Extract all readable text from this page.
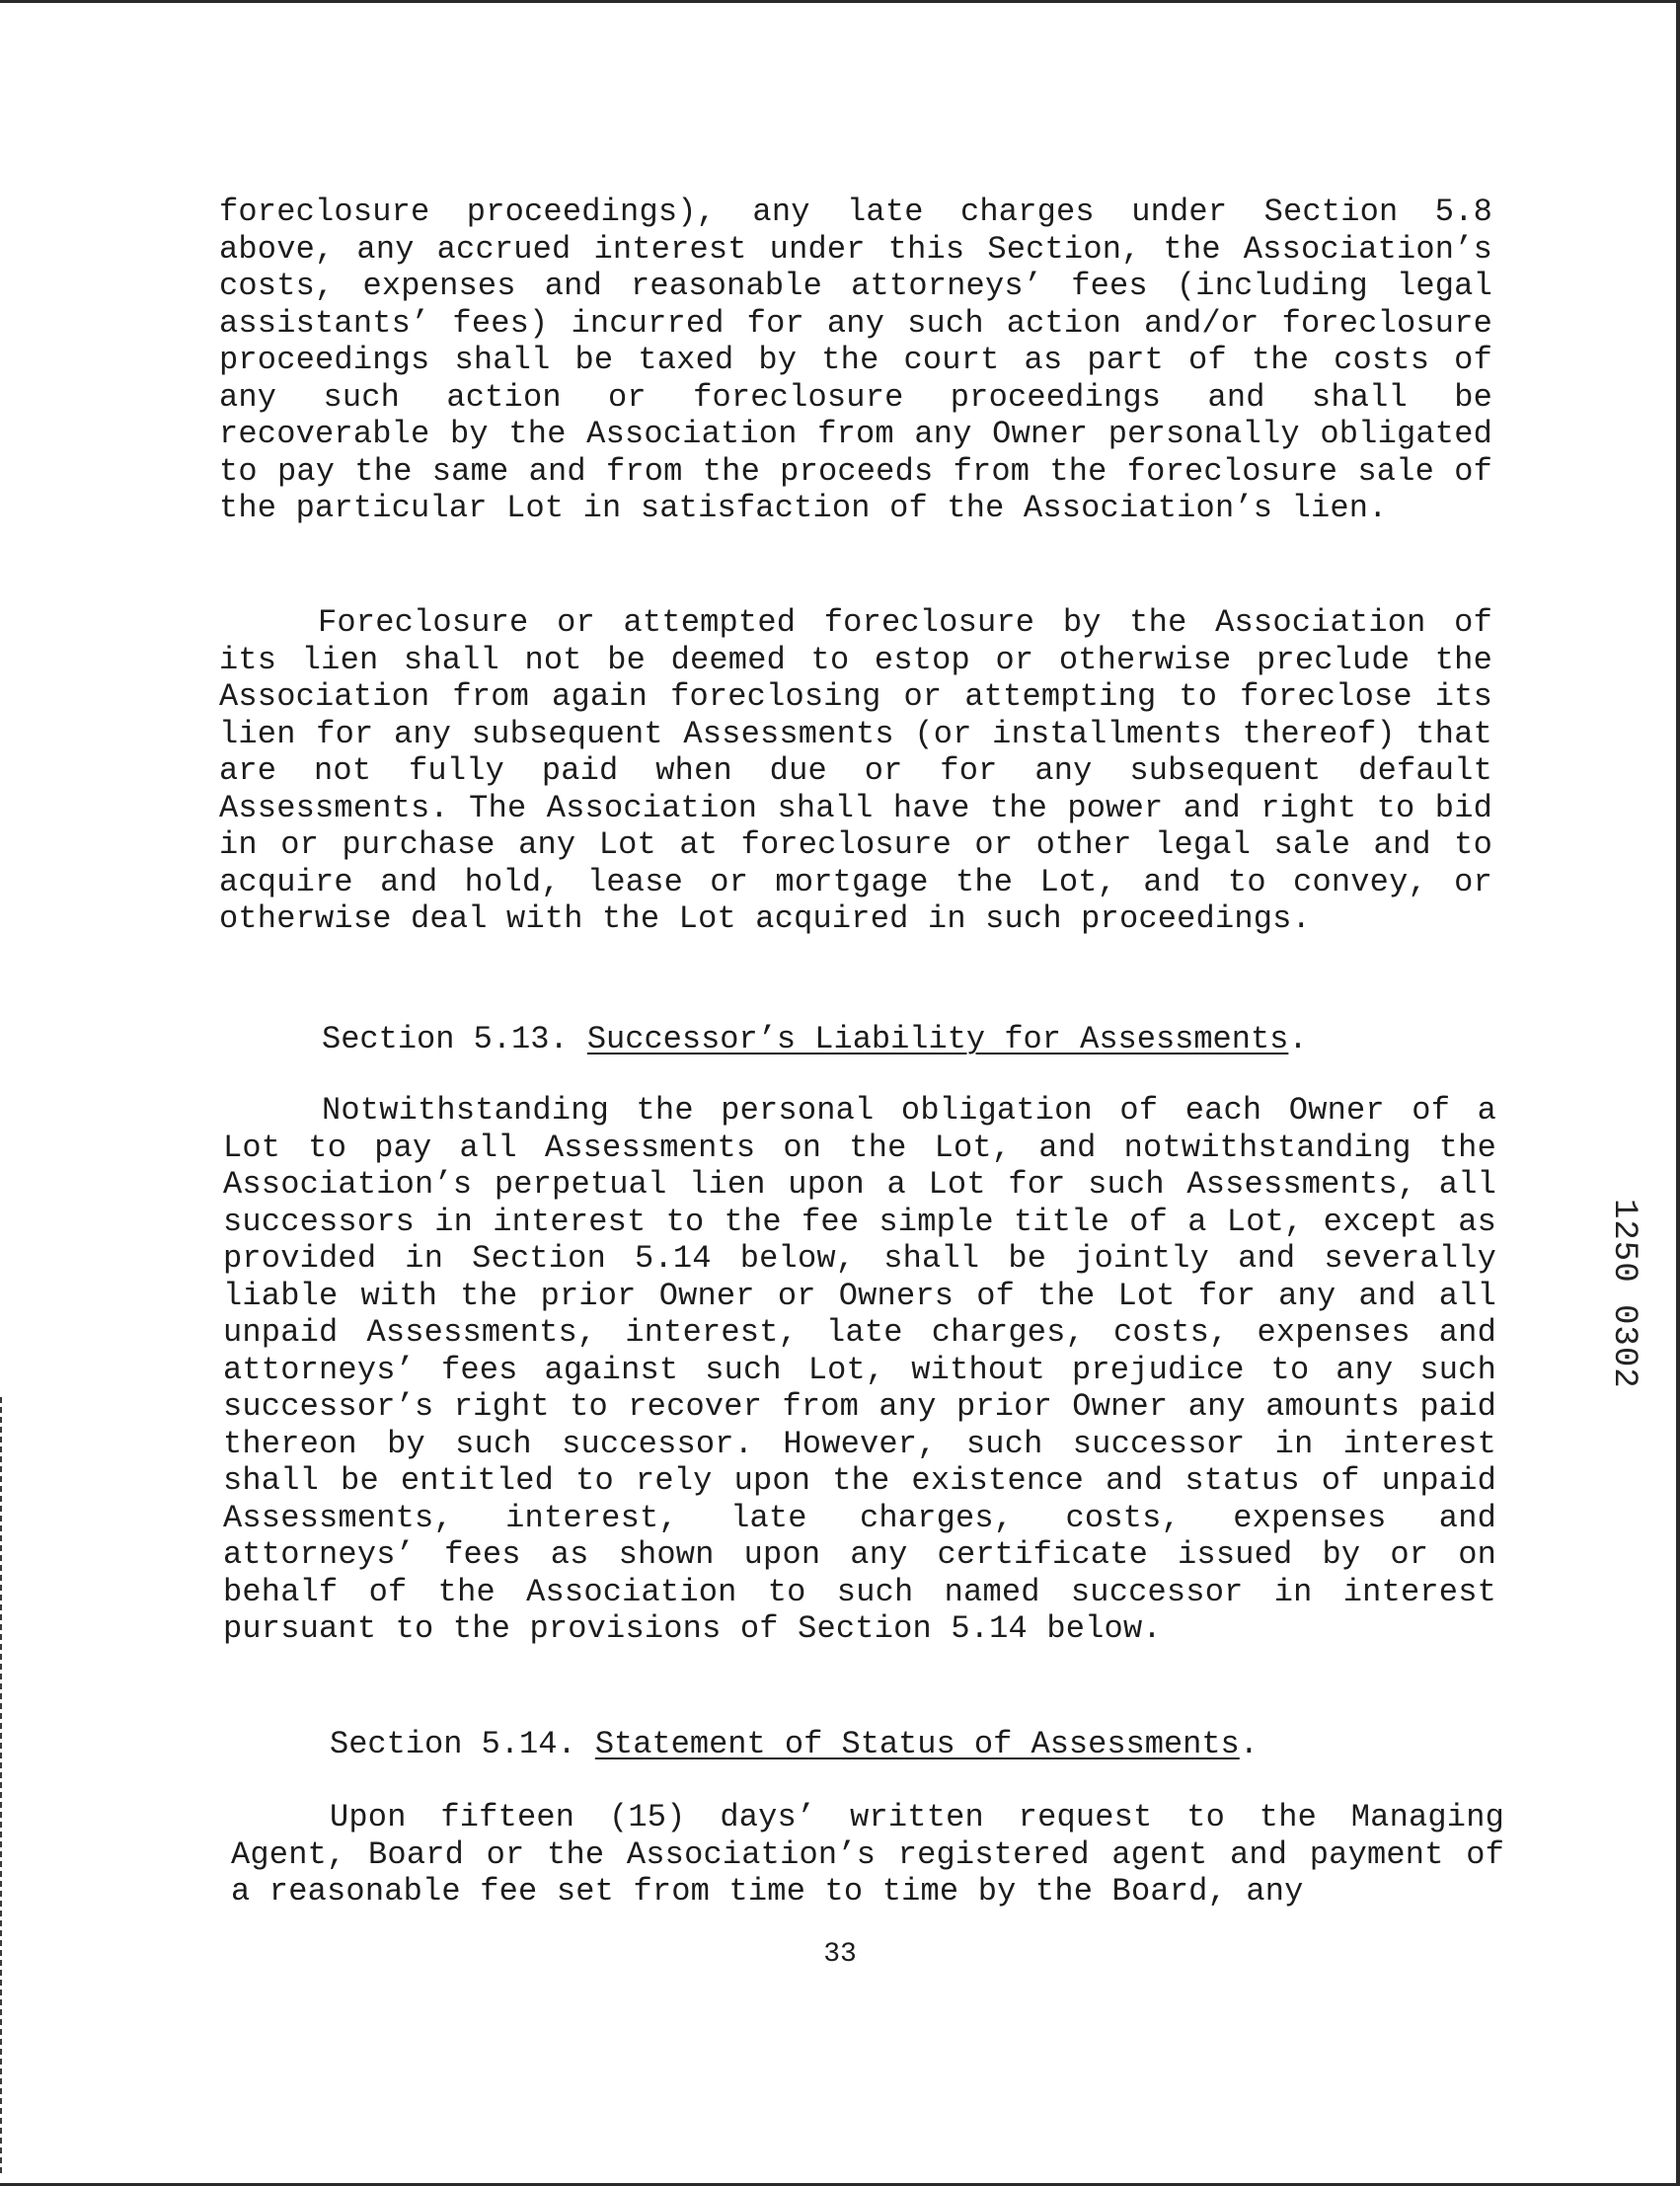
foreclosure proceedings), any late charges under Section 5.8 above, any accrued interest under this Section, the Association’s costs, expenses and reasonable attorneys’ fees (including legal assistants’ fees) incurred for any such action and/or foreclosure proceedings shall be taxed by the court as part of the costs of any such action or foreclosure proceedings and shall be recoverable by the Association from any Owner personally obligated to pay the same and from the proceeds from the foreclosure sale of the particular Lot in satisfaction of the Association’s lien.

Foreclosure or attempted foreclosure by the Association of its lien shall not be deemed to estop or otherwise preclude the Association from again foreclosing or attempting to foreclose its lien for any subsequent Assessments (or installments thereof) that are not fully paid when due or for any subsequent default Assessments. The Association shall have the power and right to bid in or purchase any Lot at foreclosure or other legal sale and to acquire and hold, lease or mortgage the Lot, and to convey, or otherwise deal with the Lot acquired in such proceedings.

Section 5.13. Successor’s Liability for Assessments.

Notwithstanding the personal obligation of each Owner of a Lot to pay all Assessments on the Lot, and notwithstanding the Association’s perpetual lien upon a Lot for such Assessments, all successors in interest to the fee simple title of a Lot, except as provided in Section 5.14 below, shall be jointly and severally liable with the prior Owner or Owners of the Lot for any and all unpaid Assessments, interest, late charges, costs, expenses and attorneys’ fees against such Lot, without prejudice to any such successor’s right to recover from any prior Owner any amounts paid thereon by such successor. However, such successor in interest shall be entitled to rely upon the existence and status of unpaid Assessments, interest, late charges, costs, expenses and attorneys’ fees as shown upon any certificate issued by or on behalf of the Association to such named successor in interest pursuant to the provisions of Section 5.14 below.

Section 5.14. Statement of Status of Assessments.

Upon fifteen (15) days’ written request to the Managing Agent, Board or the Association’s registered agent and payment of a reasonable fee set from time to time by the Board, any

33
1250 0302
